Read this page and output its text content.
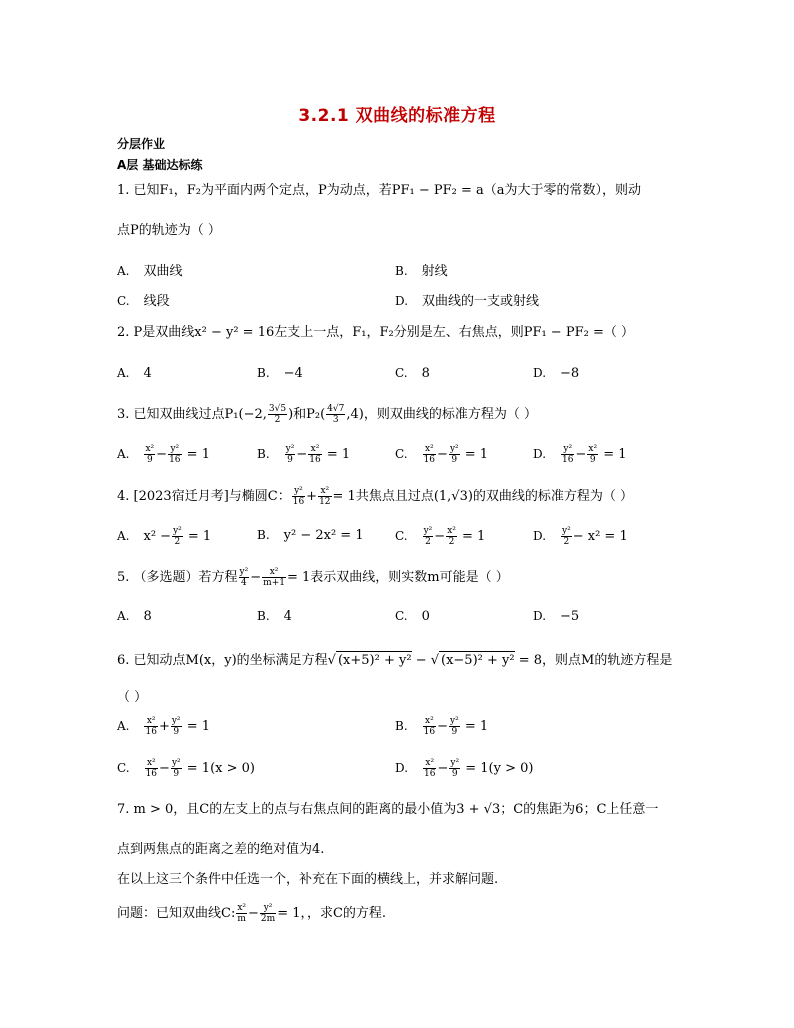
3.2.1 双曲线的标准方程
分层作业
A层 基础达标练
1. 已知F₁，F₂为平面内两个定点，P为动点，若PF₁ − PF₂ = a（a为大于零的常数），则动
点P的轨迹为（ ）
A. 双曲线	B. 射线
C. 线段	D. 双曲线的一支或射线
2. P是双曲线x² − y² = 16左支上一点，F₁，F₂分别是左、右焦点，则PF₁ − PF₂ =（ ）
A. 4	B. −4	C. 8	D. −8
3. 已知双曲线过点P₁(−2, $\frac{3√5}{2}$ )和$P_2( \frac{4√7}{3} ,4)$，则双曲线的标准方程为（ ）
A. $\frac{\text{x²}}{9} - \frac{\text{y²}}{16} = 1$	B. $\frac{\text{y²}}{9} - \frac{\text{x²}}{16} = 1$	C. $\frac{\text{x²}}{16} - \frac{\text{y²}}{9} = 1$	D. $\frac{\text{y²}}{16} - \frac{\text{x²}}{9} = 1$
4. [2023宿迁月考]与椭圆C： $\frac{\text{y²}}{16} + \frac{\text{x²}}{12} = 1$共焦点且过点(1,√3)的双曲线的标准方程为（ ）
A. $x^2 - \frac{\text{y²}}{2} = 1$	B. y² − 2x² = 1	C. $\frac{\text{y²}}{2} - \frac{\text{x²}}{2} = 1$	D. $\frac{\text{y²}}{2} - x^2 = 1$
5. （多选题）若方程 $\frac{\text{y²}}{4} - \frac{\text{x²}}{m+1} = 1$表示双曲线，则实数m可能是（ ）
A. 8	B. 4	C. 0	D. −5
6. 已知动点M(x，y)的坐标满足方程√ (x+5)² + y² − √ (x−5)² + y² = 8，则点M的轨迹方程是
（ ）
A. $\frac{\text{x²}}{16} + \frac{\text{y²}}{9} = 1$	B. $\frac{\text{x²}}{16} - \frac{\text{y²}}{9} = 1$
C. $\frac{\text{x²}}{16} - \frac{\text{y²}}{9} = 1(x > 0)$	D. $\frac{\text{x²}}{16} - \frac{\text{y²}}{9} = 1(y > 0)$
7. m > 0，且C的左支上的点与右焦点间的距离的最小值为3 + √3；C的焦距为6；C上任意一
点到两焦点的距离之差的绝对值为4.
在以上这三个条件中任选一个，补充在下面的横线上，并求解问题.
问题：已知双曲线C: $\frac{\text{x²}}{m} - \frac{\text{y²}}{2m} = 1$，，求C的方程.
